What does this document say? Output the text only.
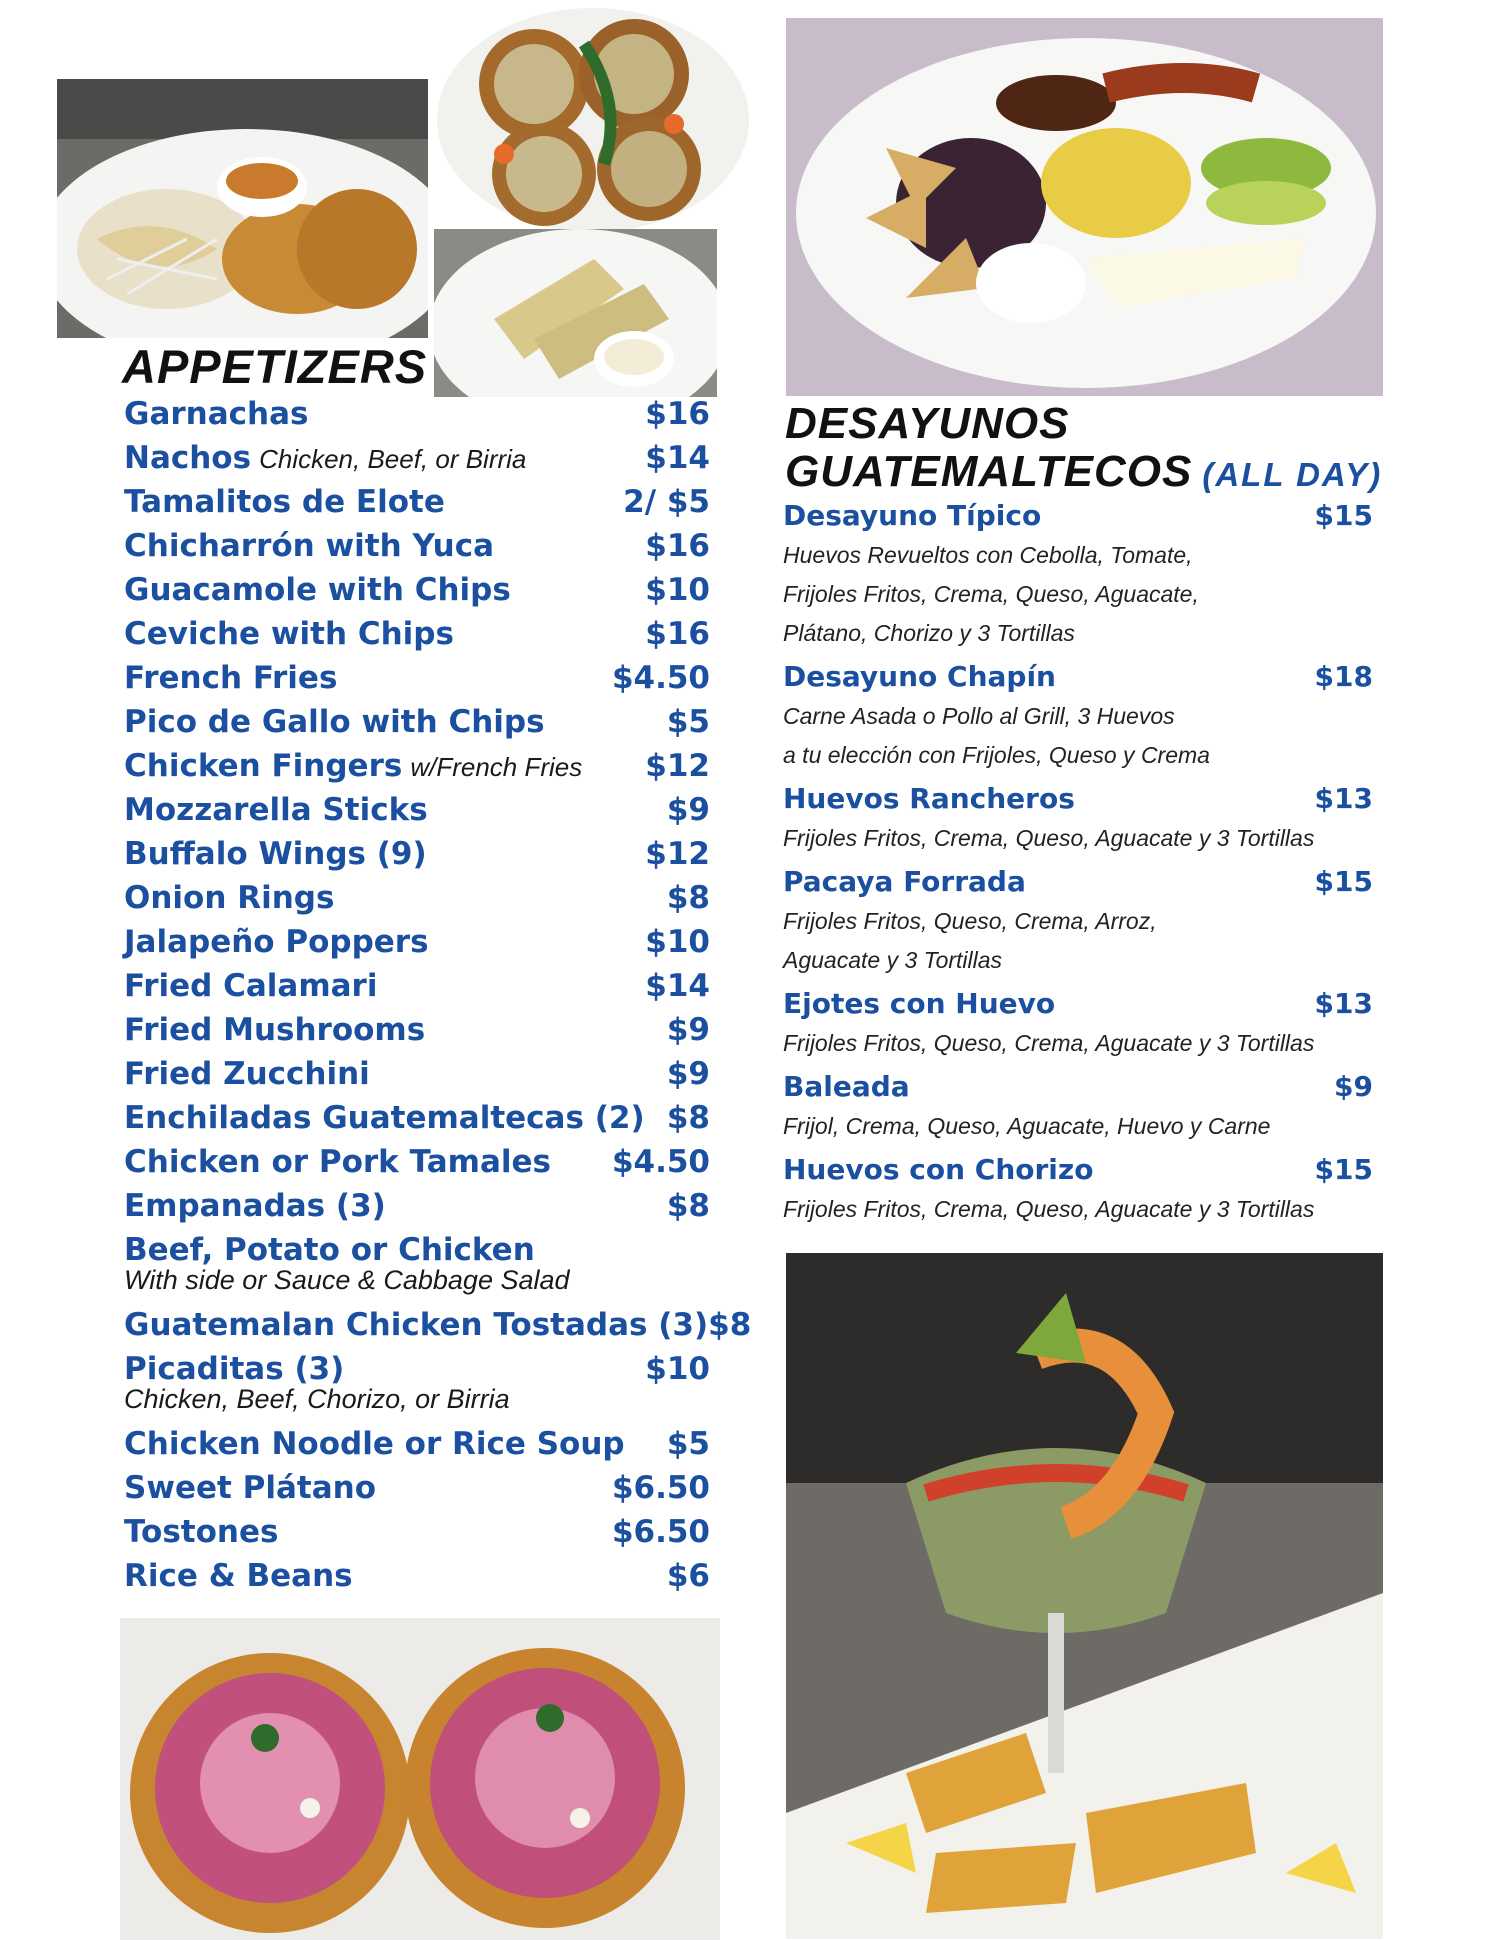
APPETIZERS
Garnachas	$16
Nachos Chicken, Beef, or Birria	$14
Tamalitos de Elote	2/ $5
Chicharrón with Yuca	$16
Guacamole with Chips	$10
Ceviche with Chips	$16
French Fries	$4.50
Pico de Gallo with Chips	$5
Chicken Fingers w/French Fries $12
Mozzarella Sticks	$9
Buffalo Wings (9)	$12
Onion Rings	$8
Jalapeño Poppers	$10
Fried Calamari	$14
Fried Mushrooms	$9
Fried Zucchini	$9
Enchiladas Guatemaltecas (2) $8
Chicken or Pork Tamales $4.50
Empanadas (3)	$8
Beef, Potato or Chicken
With side or Sauce & Cabbage Salad
Guatemalan Chicken Tostadas (3) $8
Picaditas (3)	$10
Chicken, Beef, Chorizo, or Birria
Chicken Noodle or Rice Soup $5
Sweet Plátano	$6.50
Tostones	$6.50
Rice & Beans	$6
DESAYUNOS
GUATEMALTECOS (ALL DAY)
Desayuno Típico	$15
Huevos Revueltos con Cebolla, Tomate,
Frijoles Fritos, Crema, Queso, Aguacate,
Plátano, Chorizo y 3 Tortillas
Desayuno Chapín	$18
Carne Asada o Pollo al Grill, 3 Huevos
a tu elección con Frijoles, Queso y Crema
Huevos Rancheros	$13
Frijoles Fritos, Crema, Queso, Aguacate y 3 Tortillas
Pacaya Forrada	$15
Frijoles Fritos, Queso, Crema, Arroz,
Aguacate y 3 Tortillas
Ejotes con Huevo	$13
Frijoles Fritos, Queso, Crema, Aguacate y 3 Tortillas
Baleada	$9
Frijol, Crema, Queso, Aguacate, Huevo y Carne
Huevos con Chorizo	$15
Frijoles Fritos, Crema, Queso, Aguacate y 3 Tortillas
